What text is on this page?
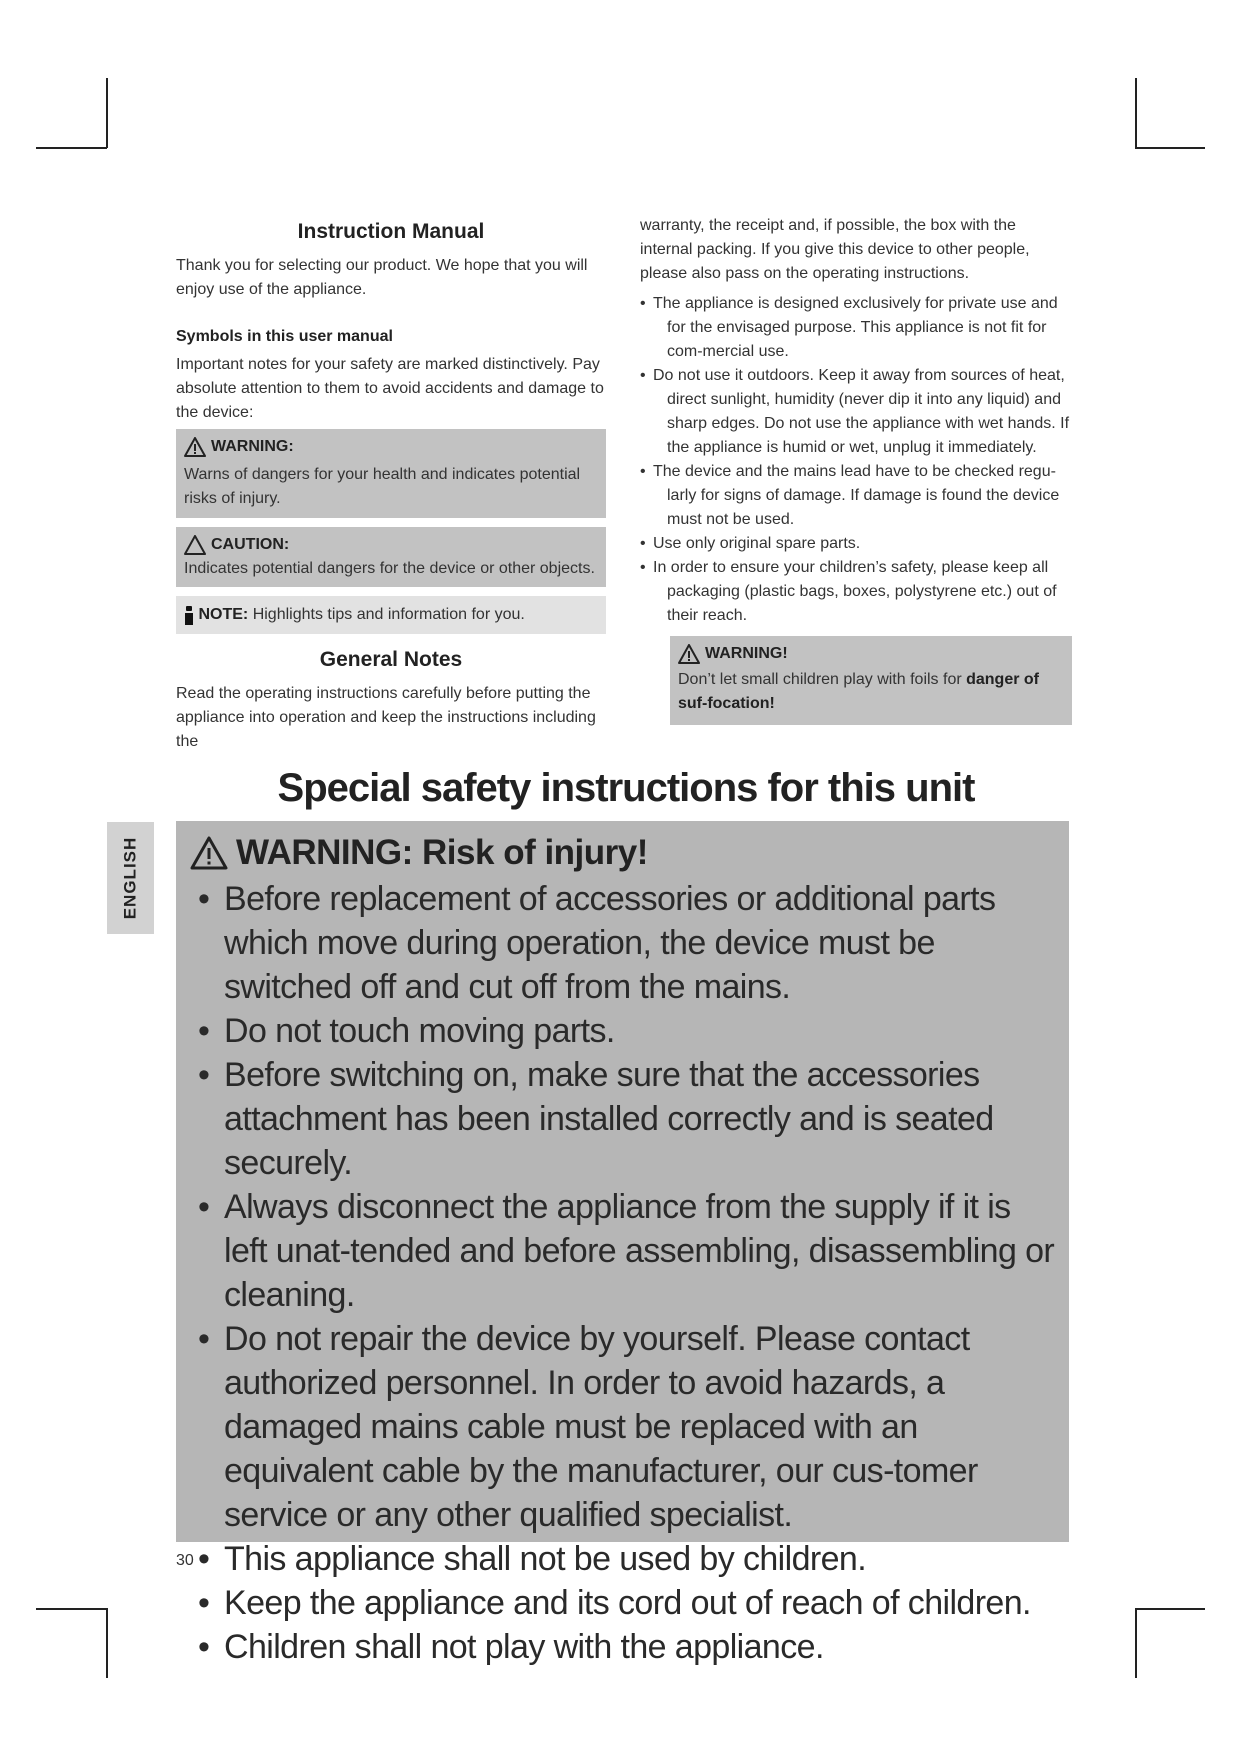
Instruction Manual

Thank you for selecting our product. We hope that you will enjoy use of the appliance.

Symbols in this user manual

Important notes for your safety are marked distinctively. Pay absolute attention to them to avoid accidents and damage to the device:

WARNING:

Warns of dangers for your health and indicates potential risks of injury.

CAUTION:

Indicates potential dangers for the device or other objects.

NOTE: Highlights tips and information for you.
General Notes

Read the operating instructions carefully before putting the appliance into operation and keep the instructions including the

warranty, the receipt and, if possible, the box with the internal packing. If you give this device to other people, please also pass on the operating instructions.

• The appliance is designed exclusively for private use and for the envisaged purpose. This appliance is not fit for com-mercial use.
• Do not use it outdoors. Keep it away from sources of heat, direct sunlight, humidity (never dip it into any liquid) and sharp edges. Do not use the appliance with wet hands. If the appliance is humid or wet, unplug it immediately.
• The device and the mains lead have to be checked regu-larly for signs of damage. If damage is found the device must not be used.
• Use only original spare parts.
• In order to ensure your children’s safety, please keep all packaging (plastic bags, boxes, polystyrene etc.) out of their reach.
WARNING!

Don’t let small children play with foils for danger of suf-focation!

ENGLISH
Special safety instructions for this unit
WARNING: Risk of injury!
• Before replacement of accessories or additional parts which move during operation, the device must be switched off and cut off from the mains.
• Do not touch moving parts.
• Before switching on, make sure that the accessories attachment has been installed correctly and is seated securely.
• Always disconnect the appliance from the supply if it is left unat-tended and before assembling, disassembling or cleaning.
• Do not repair the device by yourself. Please contact authorized personnel. In order to avoid hazards, a damaged mains cable must be replaced with an equivalent cable by the manufacturer, our cus-tomer service or any other qualified specialist.
• This appliance shall not be used by children.
• Keep the appliance and its cord out of reach of children.
• Children shall not play with the appliance.
30
